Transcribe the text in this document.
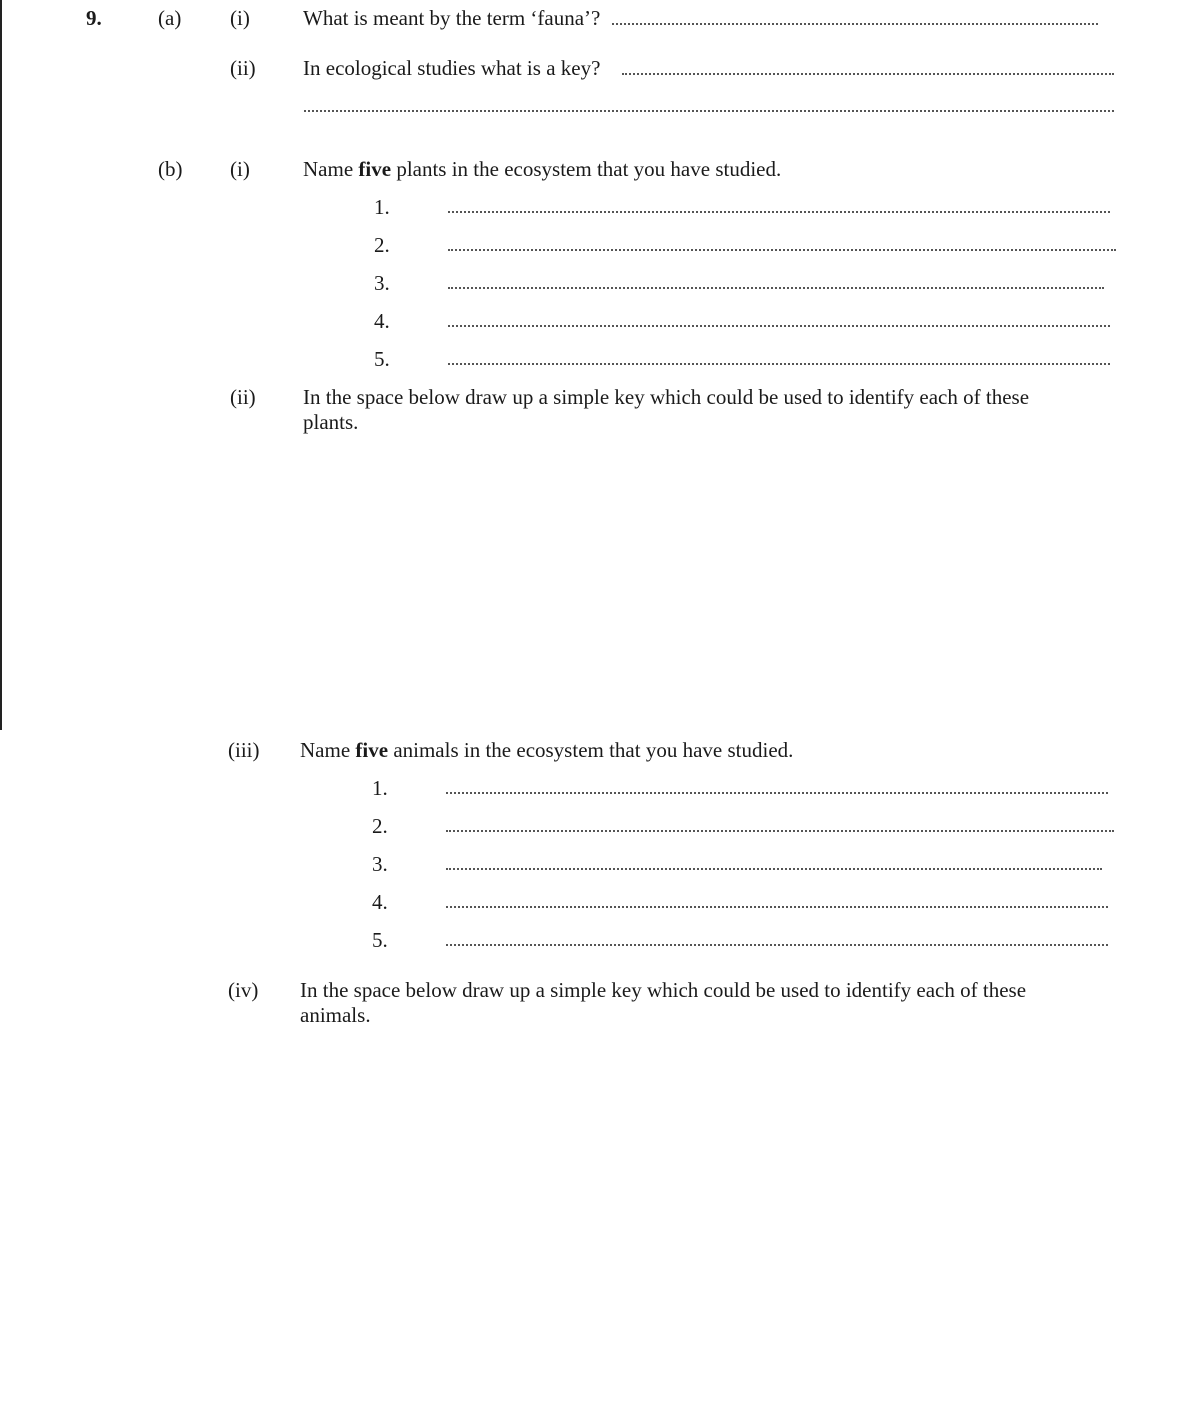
9.	(a) (i)	What is meant by the term ‘fauna’?
(ii) In ecological studies what is a key?
(b) (i)	Name five plants in the ecosystem that you have studied.
1.
2.
3.
4.
5.
(ii) In the space below draw up a simple key which could be used to identify each of these plants.
(iii) Name five animals in the ecosystem that you have studied.
1.
2.
3.
4.
5.
(iv) In the space below draw up a simple key which could be used to identify each of these animals.
